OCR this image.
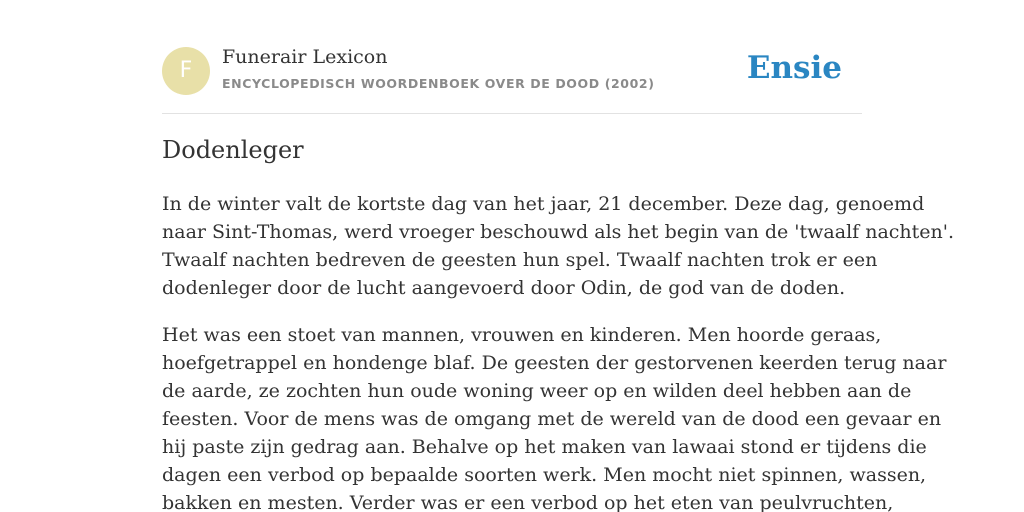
F
Funerair Lexicon
ENCYCLOPEDISCH WOORDENBOEK OVER DE DOOD (2002)	Ensie
Dodenleger

In de winter valt de kortste dag van het jaar, 21 december. Deze dag, genoemd
naar Sint-Thomas, werd vroeger beschouwd als het begin van de 'twaalf nachten'.
Twaalf nachten bedreven de geesten hun spel. Twaalf nachten trok er een
dodenleger door de lucht aangevoerd door Odin, de god van de doden.

Het was een stoet van mannen, vrouwen en kinderen. Men hoorde geraas,
hoefgetrappel en hondenge blaf. De geesten der gestorvenen keerden terug naar
de aarde, ze zochten hun oude woning weer op en wilden deel hebben aan de
feesten. Voor de mens was de omgang met de wereld van de dood een gevaar en
hij paste zijn gedrag aan. Behalve op het maken van lawaai stond er tijdens die
dagen een verbod op bepaalde soorten werk. Men mocht niet spinnen, wassen,
bakken en mesten. Verder was er een verbod op het eten van peulvruchten,
